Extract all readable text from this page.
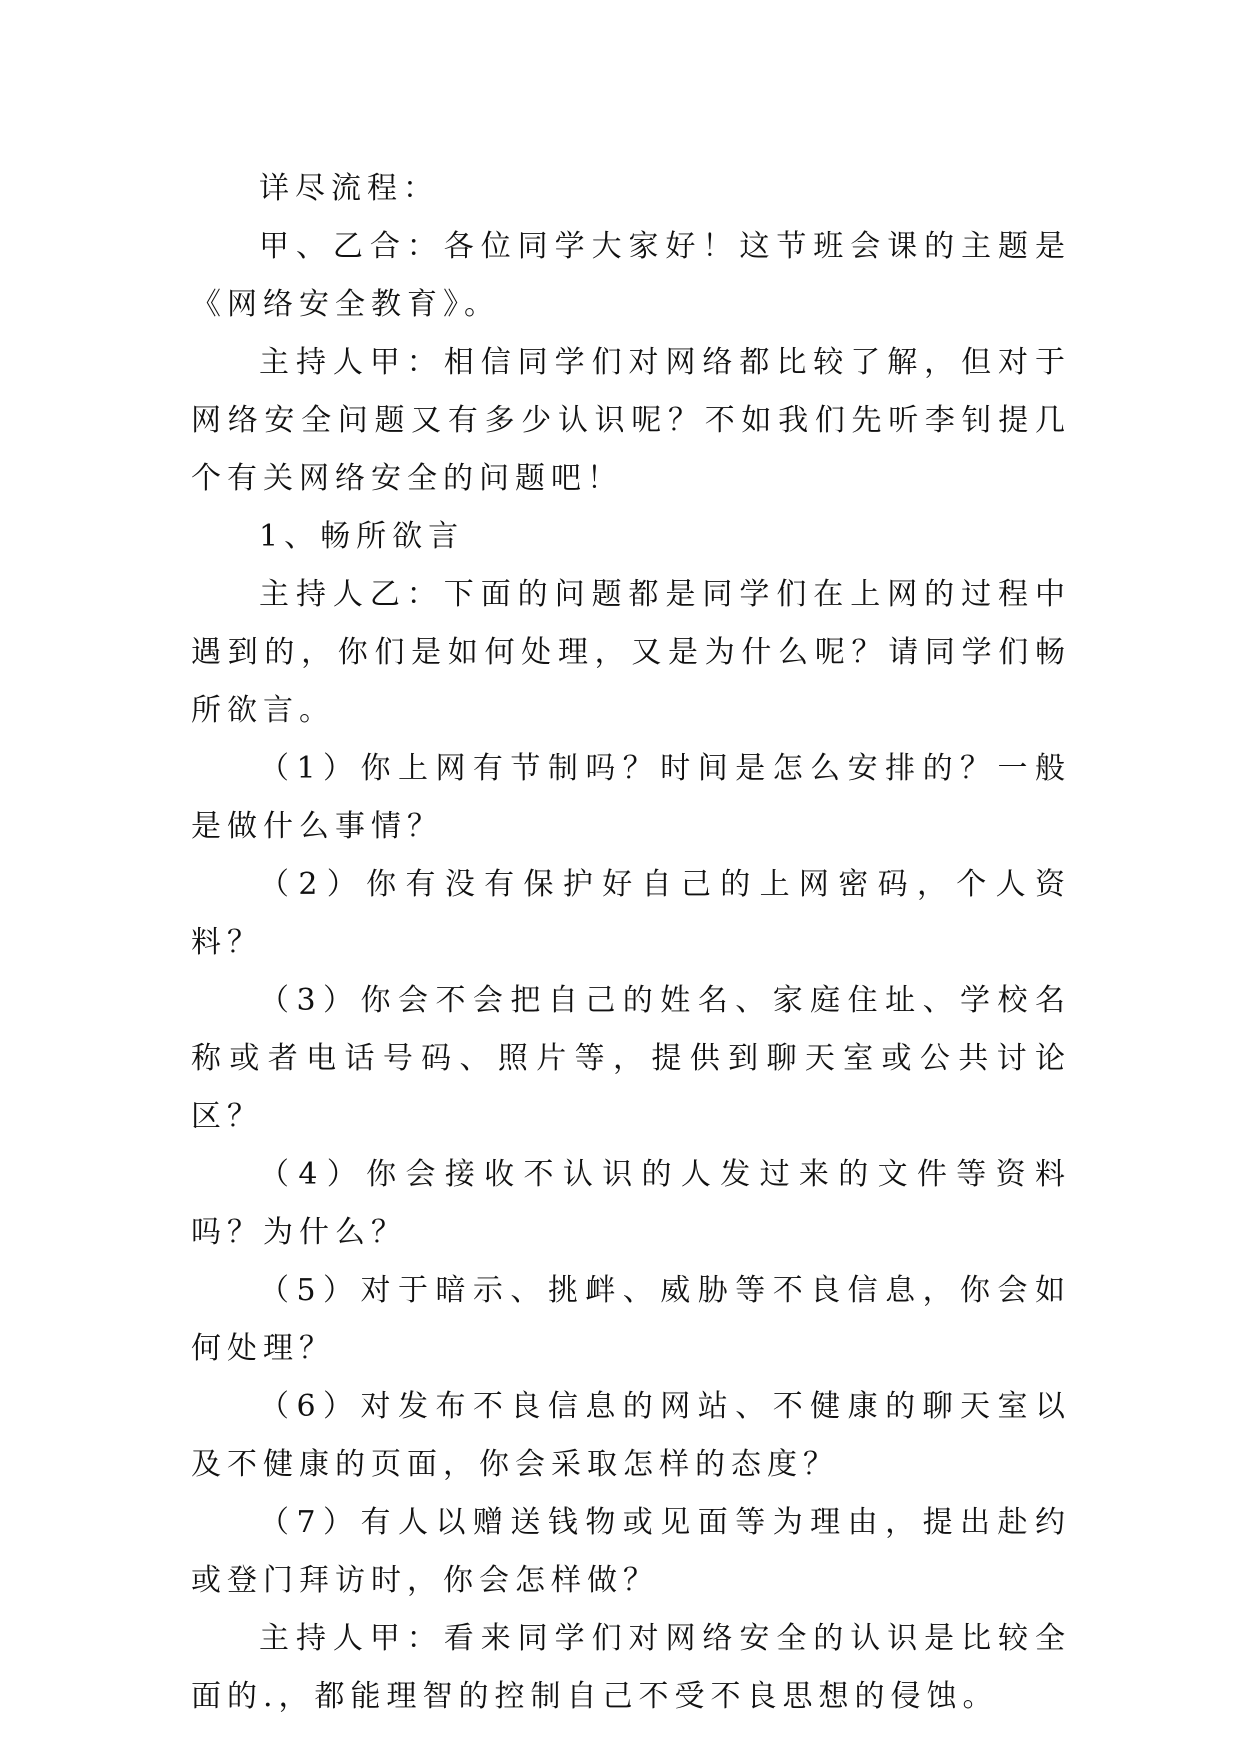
详尽流程：

甲、乙合：各位同学大家好！这节班会课的主题是《网络安全教育》。

主持人甲：相信同学们对网络都比较了解，但对于网络安全问题又有多少认识呢？不如我们先听李钊提几个有关网络安全的问题吧！

1、畅所欲言

主持人乙：下面的问题都是同学们在上网的过程中遇到的，你们是如何处理，又是为什么呢？请同学们畅所欲言。

（1）你上网有节制吗？时间是怎么安排的？一般是做什么事情？

（2）你有没有保护好自己的上网密码，个人资料？

（3）你会不会把自己的姓名、家庭住址、学校名称或者电话号码、照片等，提供到聊天室或公共讨论区？

（4）你会接收不认识的人发过来的文件等资料吗？为什么？

（5）对于暗示、挑衅、威胁等不良信息，你会如何处理？

（6）对发布不良信息的网站、不健康的聊天室以及不健康的页面，你会采取怎样的态度？

（7）有人以赠送钱物或见面等为理由，提出赴约或登门拜访时，你会怎样做？

主持人甲：看来同学们对网络安全的认识是比较全面的.，都能理智的控制自己不受不良思想的侵蚀。
